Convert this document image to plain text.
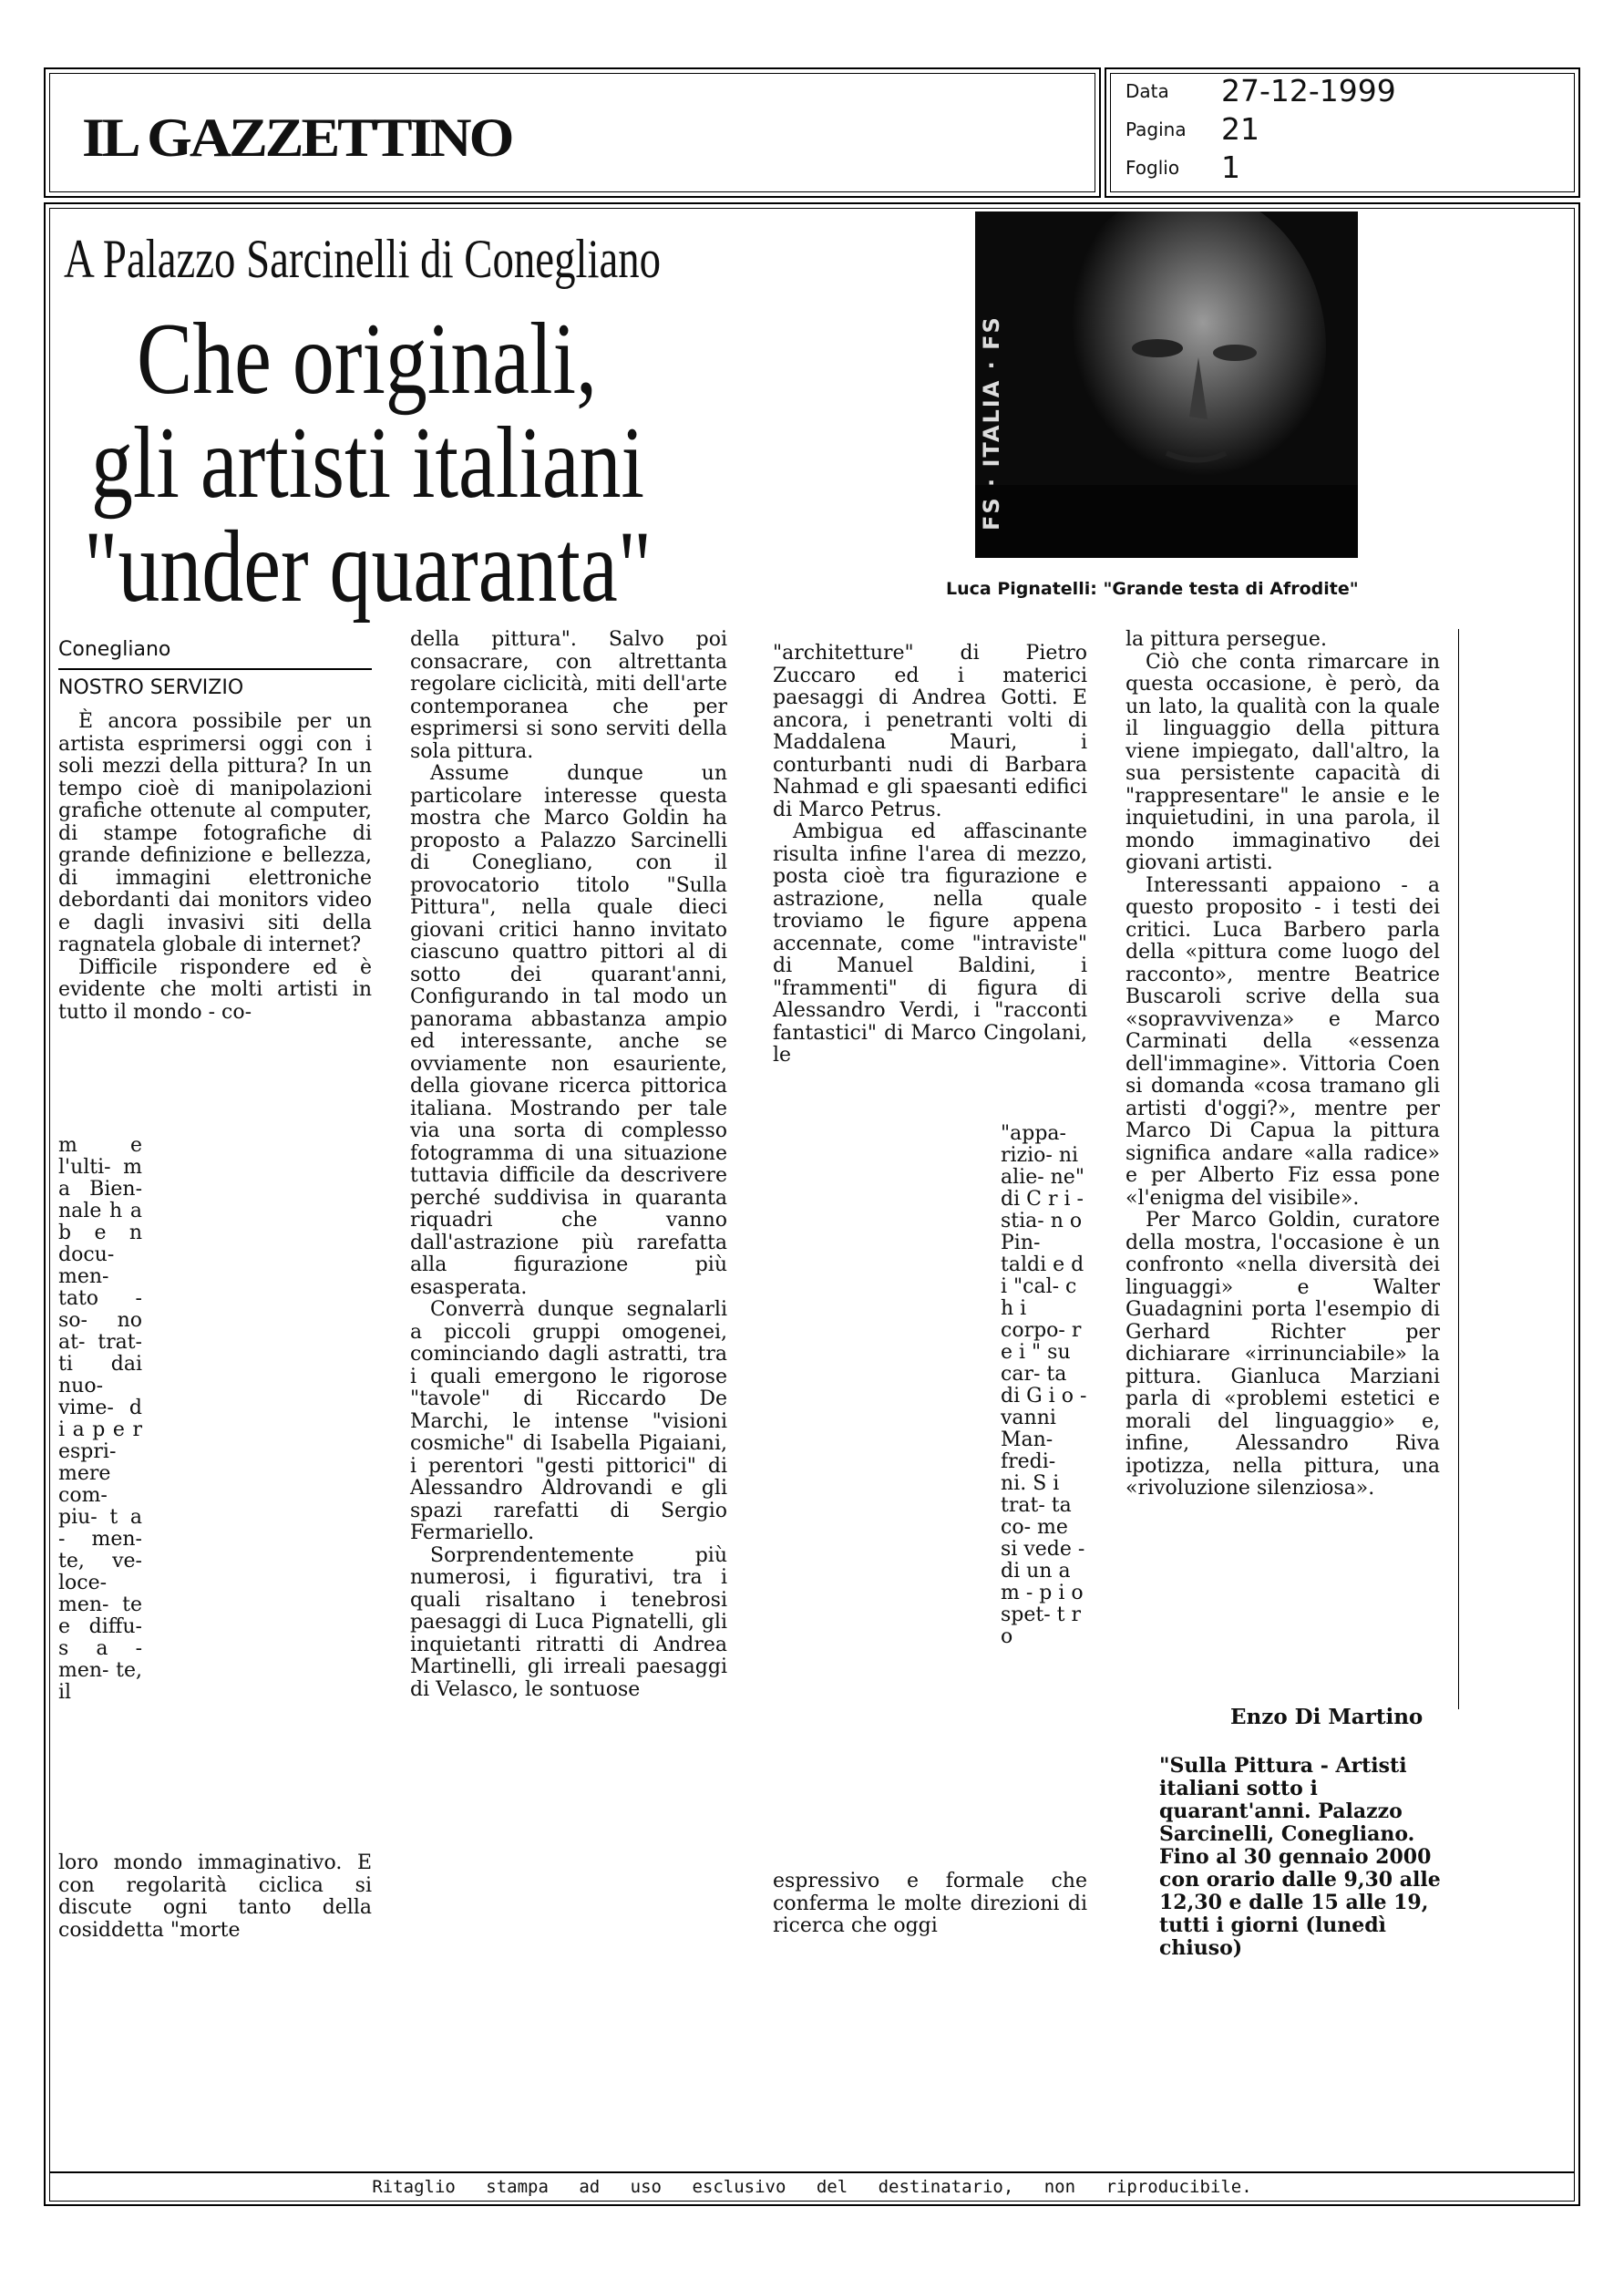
IL GAZZETTINO
Data 27-12-1999
Pagina 21
Foglio 1
A Palazzo Sarcinelli di Conegliano
Che originali,
gli artisti italiani
"under quaranta"
FS · ITALIA · FS
Luca Pignatelli: "Grande testa di Afrodite"
Conegliano
NOSTRO SERVIZIO

È ancora possibile per un artista esprimersi oggi con i soli mezzi della pittura? In un tempo cioè di manipolazioni grafiche ottenute al computer, di stampe fotografiche di grande definizione e bellezza, di immagini elettroniche debordanti dai monitors video e dagli invasivi siti della ragnatela globale di internet?

Difficile rispondere ed è evidente che molti artisti in tutto il mondo - co-

m e l'ulti- m a Bien- nale h a b e n docu- men- tato - so- no at- trat- ti dai nuo- vime- d i a p e r espri- mere com- piu- t a - men- te, ve- loce- men- te e diffu- s a - men- te, il

loro mondo immaginativo. E con regolarità ciclica si discute ogni tanto della cosiddetta "morte

della pittura". Salvo poi consacrare, con altrettanta regolare ciclicità, miti dell'arte contemporanea che per esprimersi si sono serviti della sola pittura.

Assume dunque un particolare interesse questa mostra che Marco Goldin ha proposto a Palazzo Sarcinelli di Conegliano, con il provocatorio titolo "Sulla Pittura", nella quale dieci giovani critici hanno invitato ciascuno quattro pittori al di sotto dei quarant'anni, Configurando in tal modo un panorama abbastanza ampio ed interessante, anche se ovviamente non esauriente, della giovane ricerca pittorica italiana. Mostrando per tale via una sorta di complesso fotogramma di una situazione tuttavia difficile da descrivere perché suddivisa in quaranta riquadri che vanno dall'astrazione più rarefatta alla figurazione più esasperata.

Converrà dunque segnalarli a piccoli gruppi omogenei, cominciando dagli astratti, tra i quali emergono le rigorose "tavole" di Riccardo De Marchi, le intense "visioni cosmiche" di Isabella Pigaiani, i perentori "gesti pittorici" di Alessandro Aldrovandi e gli spazi rarefatti di Sergio Fermariello.

Sorprendentemente più numerosi, i figurativi, tra i quali risaltano i tenebrosi paesaggi di Luca Pignatelli, gli inquietanti ritratti di Andrea Martinelli, gli irreali paesaggi di Velasco, le sontuose

"architetture" di Pietro Zuccaro ed i materici paesaggi di Andrea Gotti. E ancora, i penetranti volti di Maddalena Mauri, i conturbanti nudi di Barbara Nahmad e gli spaesanti edifici di Marco Petrus.

Ambigua ed affascinante risulta infine l'area di mezzo, posta cioè tra figurazione e astrazione, nella quale troviamo le figure appena accennate, come "intraviste" di Manuel Baldini, i "frammenti" di figura di Alessandro Verdi, i "racconti fantastici" di Marco Cingolani, le

"appa- rizio- ni alie- ne" di C r i - stia- n o Pin- taldi e d i "cal- c h i corpo- r e i " su car- ta di G i o - vanni Man- fredi- ni. S i trat- ta co- me si vede - di un a m - p i o spet- t r o

espressivo e formale che conferma le molte direzioni di ricerca che oggi

la pittura persegue.

Ciò che conta rimarcare in questa occasione, è però, da un lato, la qualità con la quale il linguaggio della pittura viene impiegato, dall'altro, la sua persistente capacità di "rappresentare" le ansie e le inquietudini, in una parola, il mondo immaginativo dei giovani artisti.

Interessanti appaiono - a questo proposito - i testi dei critici. Luca Barbero parla della «pittura come luogo del racconto», mentre Beatrice Buscaroli scrive della sua «sopravvivenza» e Marco Carminati della «essenza dell'immagine». Vittoria Coen si domanda «cosa tramano gli artisti d'oggi?», mentre per Marco Di Capua la pittura significa andare «alla radice» e per Alberto Fiz essa pone «l'enigma del visibile».

Per Marco Goldin, curatore della mostra, l'occasione è un confronto «nella diversità dei linguaggi» e Walter Guadagnini porta l'esempio di Gerhard Richter per dichiarare «irrinunciabile» la pittura. Gianluca Marziani parla di «problemi estetici e morali del linguaggio» e, infine, Alessandro Riva ipotizza, nella pittura, una «rivoluzione silenziosa».

Enzo Di Martino
"Sulla Pittura - Artisti italiani sotto i quarant'anni. Palazzo Sarcinelli, Conegliano. Fino al 30 gennaio 2000 con orario dalle 9,30 alle 12,30 e dalle 15 alle 19, tutti i giorni (lunedì chiuso)
Ritaglio stampa ad uso esclusivo del destinatario, non riproducibile.
